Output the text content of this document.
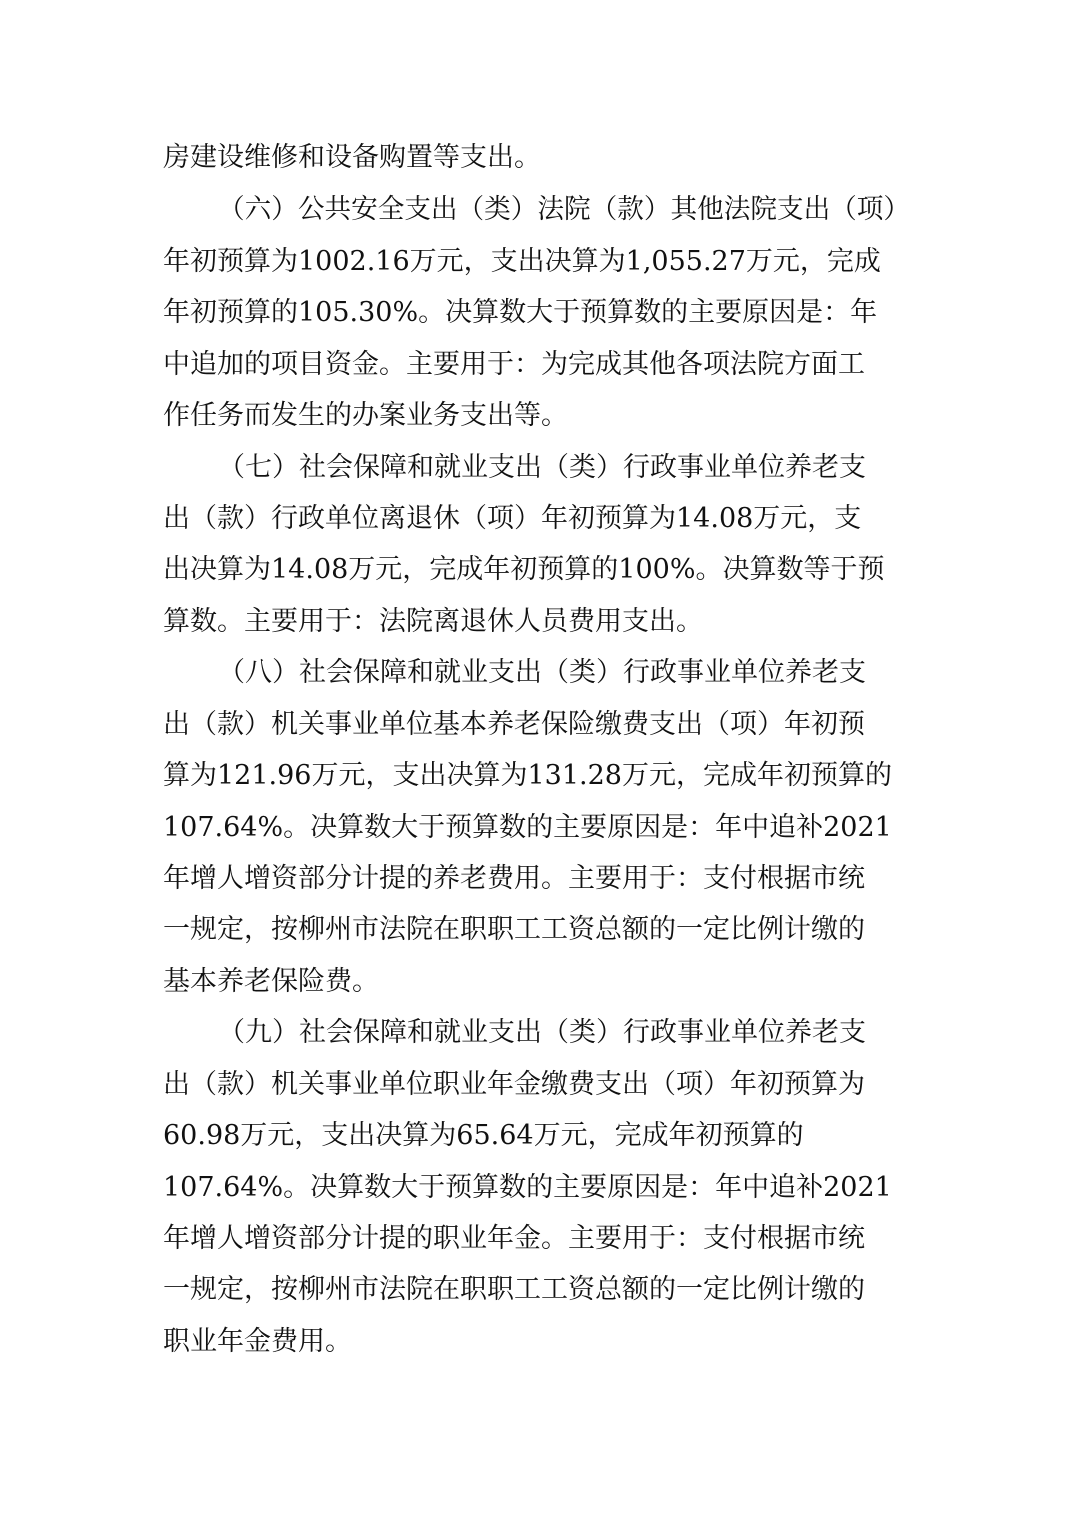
房建设维修和设备购置等支出。
（六）公共安全支出（类）法院（款）其他法院支出（项）
年初预算为1002.16万元，支出决算为1,055.27万元，完成
年初预算的105.30%。决算数大于预算数的主要原因是：年
中追加的项目资金。主要用于：为完成其他各项法院方面工
作任务而发生的办案业务支出等。
（七）社会保障和就业支出（类）行政事业单位养老支
出（款）行政单位离退休（项）年初预算为14.08万元，支
出决算为14.08万元，完成年初预算的100%。决算数等于预
算数。主要用于：法院离退休人员费用支出。
（八）社会保障和就业支出（类）行政事业单位养老支
出（款）机关事业单位基本养老保险缴费支出（项）年初预
算为121.96万元，支出决算为131.28万元，完成年初预算的
107.64%。决算数大于预算数的主要原因是：年中追补2021
年增人增资部分计提的养老费用。主要用于：支付根据市统
一规定，按柳州市法院在职职工工资总额的一定比例计缴的
基本养老保险费。
（九）社会保障和就业支出（类）行政事业单位养老支
出（款）机关事业单位职业年金缴费支出（项）年初预算为
60.98万元，支出决算为65.64万元，完成年初预算的
107.64%。决算数大于预算数的主要原因是：年中追补2021
年增人增资部分计提的职业年金。主要用于：支付根据市统
一规定，按柳州市法院在职职工工资总额的一定比例计缴的
职业年金费用。
